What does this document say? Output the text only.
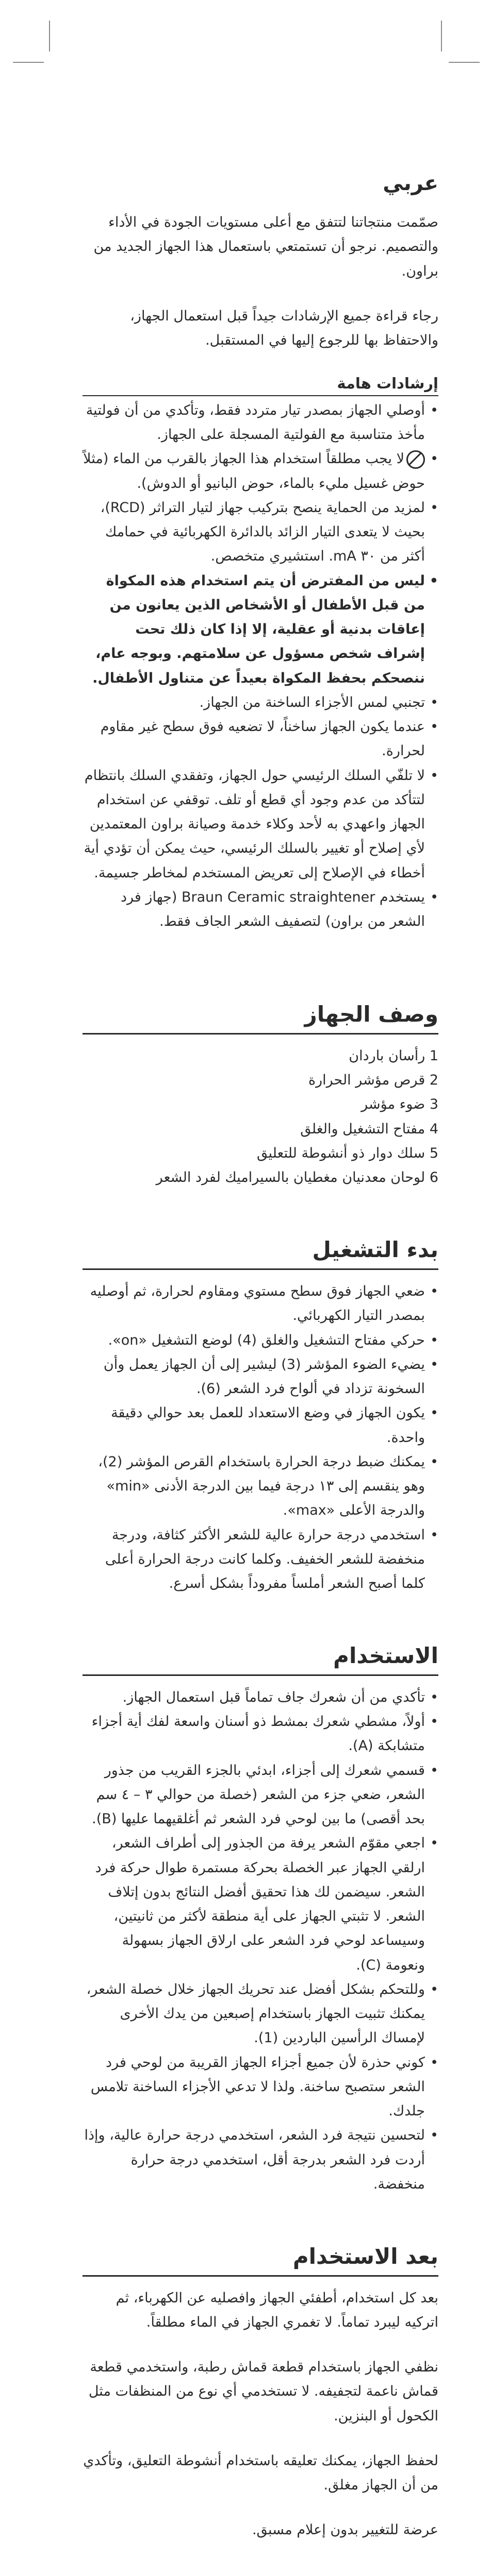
عربي

صمّمت منتجاتنا لتتفق مع أعلى مستويات الجودة في الأداء والتصميم. نرجو أن تستمتعي باستعمال هذا الجهاز الجديد من براون.

رجاء قراءة جميع الإرشادات جيداً قبل استعمال الجهاز، والاحتفاظ بها للرجوع إليها في المستقبل.

إرشادات هامة
• أوصلي الجهاز بمصدر تيار متردد فقط، وتأكدي من أن فولتية مأخذ متناسبة مع الفولتية المسجلة على الجهاز.
• لا يجب مطلقاً استخدام هذا الجهاز بالقرب من الماء (مثلاً حوض غسيل مليء بالماء، حوض البانيو أو الدوش).
• لمزيد من الحماية ينصح بتركيب جهاز لتيار التراثر (RCD)، بحيث لا يتعدى التيار الزائد بالدائرة الكهربائية في حمامك أكثر من ٣٠ mA. استشيري متخصص.
• ليس من المفترض أن يتم استخدام هذه المكواة من قبل الأطفال أو الأشخاص الذين يعانون من إعاقات بدنية أو عقلية، إلا إذا كان ذلك تحت إشراف شخص مسؤول عن سلامتهم. وبوجه عام، ننصحكم بحفظ المكواة بعيداً عن متناول الأطفال.
• تجنبي لمس الأجزاء الساخنة من الجهاز.
• عندما يكون الجهاز ساخناً، لا تضعيه فوق سطح غير مقاوم لحرارة.
• لا تلفّي السلك الرئيسي حول الجهاز، وتفقدي السلك بانتظام لتتأكد من عدم وجود أي قطع أو تلف. توقفي عن استخدام الجهاز واعهدي به لأحد وكلاء خدمة وصيانة براون المعتمدين لأي إصلاح أو تغيير بالسلك الرئيسي، حيث يمكن أن تؤدي أية أخطاء في الإصلاح إلى تعريض المستخدم لمخاطر جسيمة.
• يستخدم Braun Ceramic straightener (جهاز فرد الشعر من براون) لتصفيف الشعر الجاف فقط.
وصف الجهاز
1 رأسان باردان
2 قرص مؤشر الحرارة
3 ضوء مؤشر
4 مفتاح التشغيل والغلق
5 سلك دوار ذو أنشوطة للتعليق
6 لوحان معدنيان مغطيان بالسيراميك لفرد الشعر
بدء التشغيل
• ضعي الجهاز فوق سطح مستوي ومقاوم لحرارة، ثم أوصليه بمصدر التيار الكهربائي.
• حركي مفتاح التشغيل والغلق (4) لوضع التشغيل «on».
• يضيء الضوء المؤشر (3) ليشير إلى أن الجهاز يعمل وأن السخونة تزداد في ألواح فرد الشعر (6).
• يكون الجهاز في وضع الاستعداد للعمل بعد حوالي دقيقة واحدة.
• يمكنك ضبط درجة الحرارة باستخدام القرص المؤشر (2)، وهو ينقسم إلى ١٣ درجة فيما بين الدرجة الأدنى «min» والدرجة الأعلى «max».
• استخدمي درجة حرارة عالية للشعر الأكثر كثافة، ودرجة منخفضة للشعر الخفيف. وكلما كانت درجة الحرارة أعلى كلما أصبح الشعر أملساً مفروداً بشكل أسرع.
الاستخدام
• تأكدي من أن شعرك جاف تماماً قبل استعمال الجهاز.
• أولاً، مشطي شعرك بمشط ذو أسنان واسعة لفك أية أجزاء متشابكة (A).
• قسمي شعرك إلى أجزاء، ابدئي بالجزء القريب من جذور الشعر، ضعي جزء من الشعر (خصلة من حوالي ٣ – ٤ سم بحد أقصى) ما بين لوحي فرد الشعر ثم أغلقيهما عليها (B).
• اجعي مقوّم الشعر يرفة من الجذور إلى أطراف الشعر، ارلقي الجهاز عبر الخصلة بحركة مستمرة طوال حركة فرد الشعر. سيضمن لك هذا تحقيق أفضل النتائج بدون إتلاف الشعر. لا تثبتي الجهاز على أية منطقة لأكثر من ثانيتين، وسيساعد لوحي فرد الشعر على ارلاق الجهاز بسهولة ونعومة (C).
• وللتحكم بشكل أفضل عند تحريك الجهاز خلال خصلة الشعر، يمكنك تثبيت الجهاز باستخدام إصبعين من يدك الأخرى لإمساك الرأسين الباردين (1).
• كوني حذرة لأن جميع أجزاء الجهاز القريبة من لوحي فرد الشعر ستصبح ساخنة. ولذا لا تدعي الأجزاء الساخنة تلامس جلدك.
• لتحسين نتيجة فرد الشعر، استخدمي درجة حرارة عالية، وإذا أردت فرد الشعر بدرجة أقل، استخدمي درجة حرارة منخفضة.
بعد الاستخدام

بعد كل استخدام، أطفئي الجهاز وافصليه عن الكهرباء، ثم اتركيه ليبرد تماماً. لا تغمري الجهاز في الماء مطلقاً.

نظفي الجهاز باستخدام قطعة قماش رطبة، واستخدمي قطعة قماش ناعمة لتجفيفه. لا تستخدمي أي نوع من المنظفات مثل الكحول أو البنزين.

لحفظ الجهاز، يمكنك تعليقه باستخدام أنشوطة التعليق، وتأكدي من أن الجهاز مغلق.

عرضة للتغيير بدون إعلام مسبق.
